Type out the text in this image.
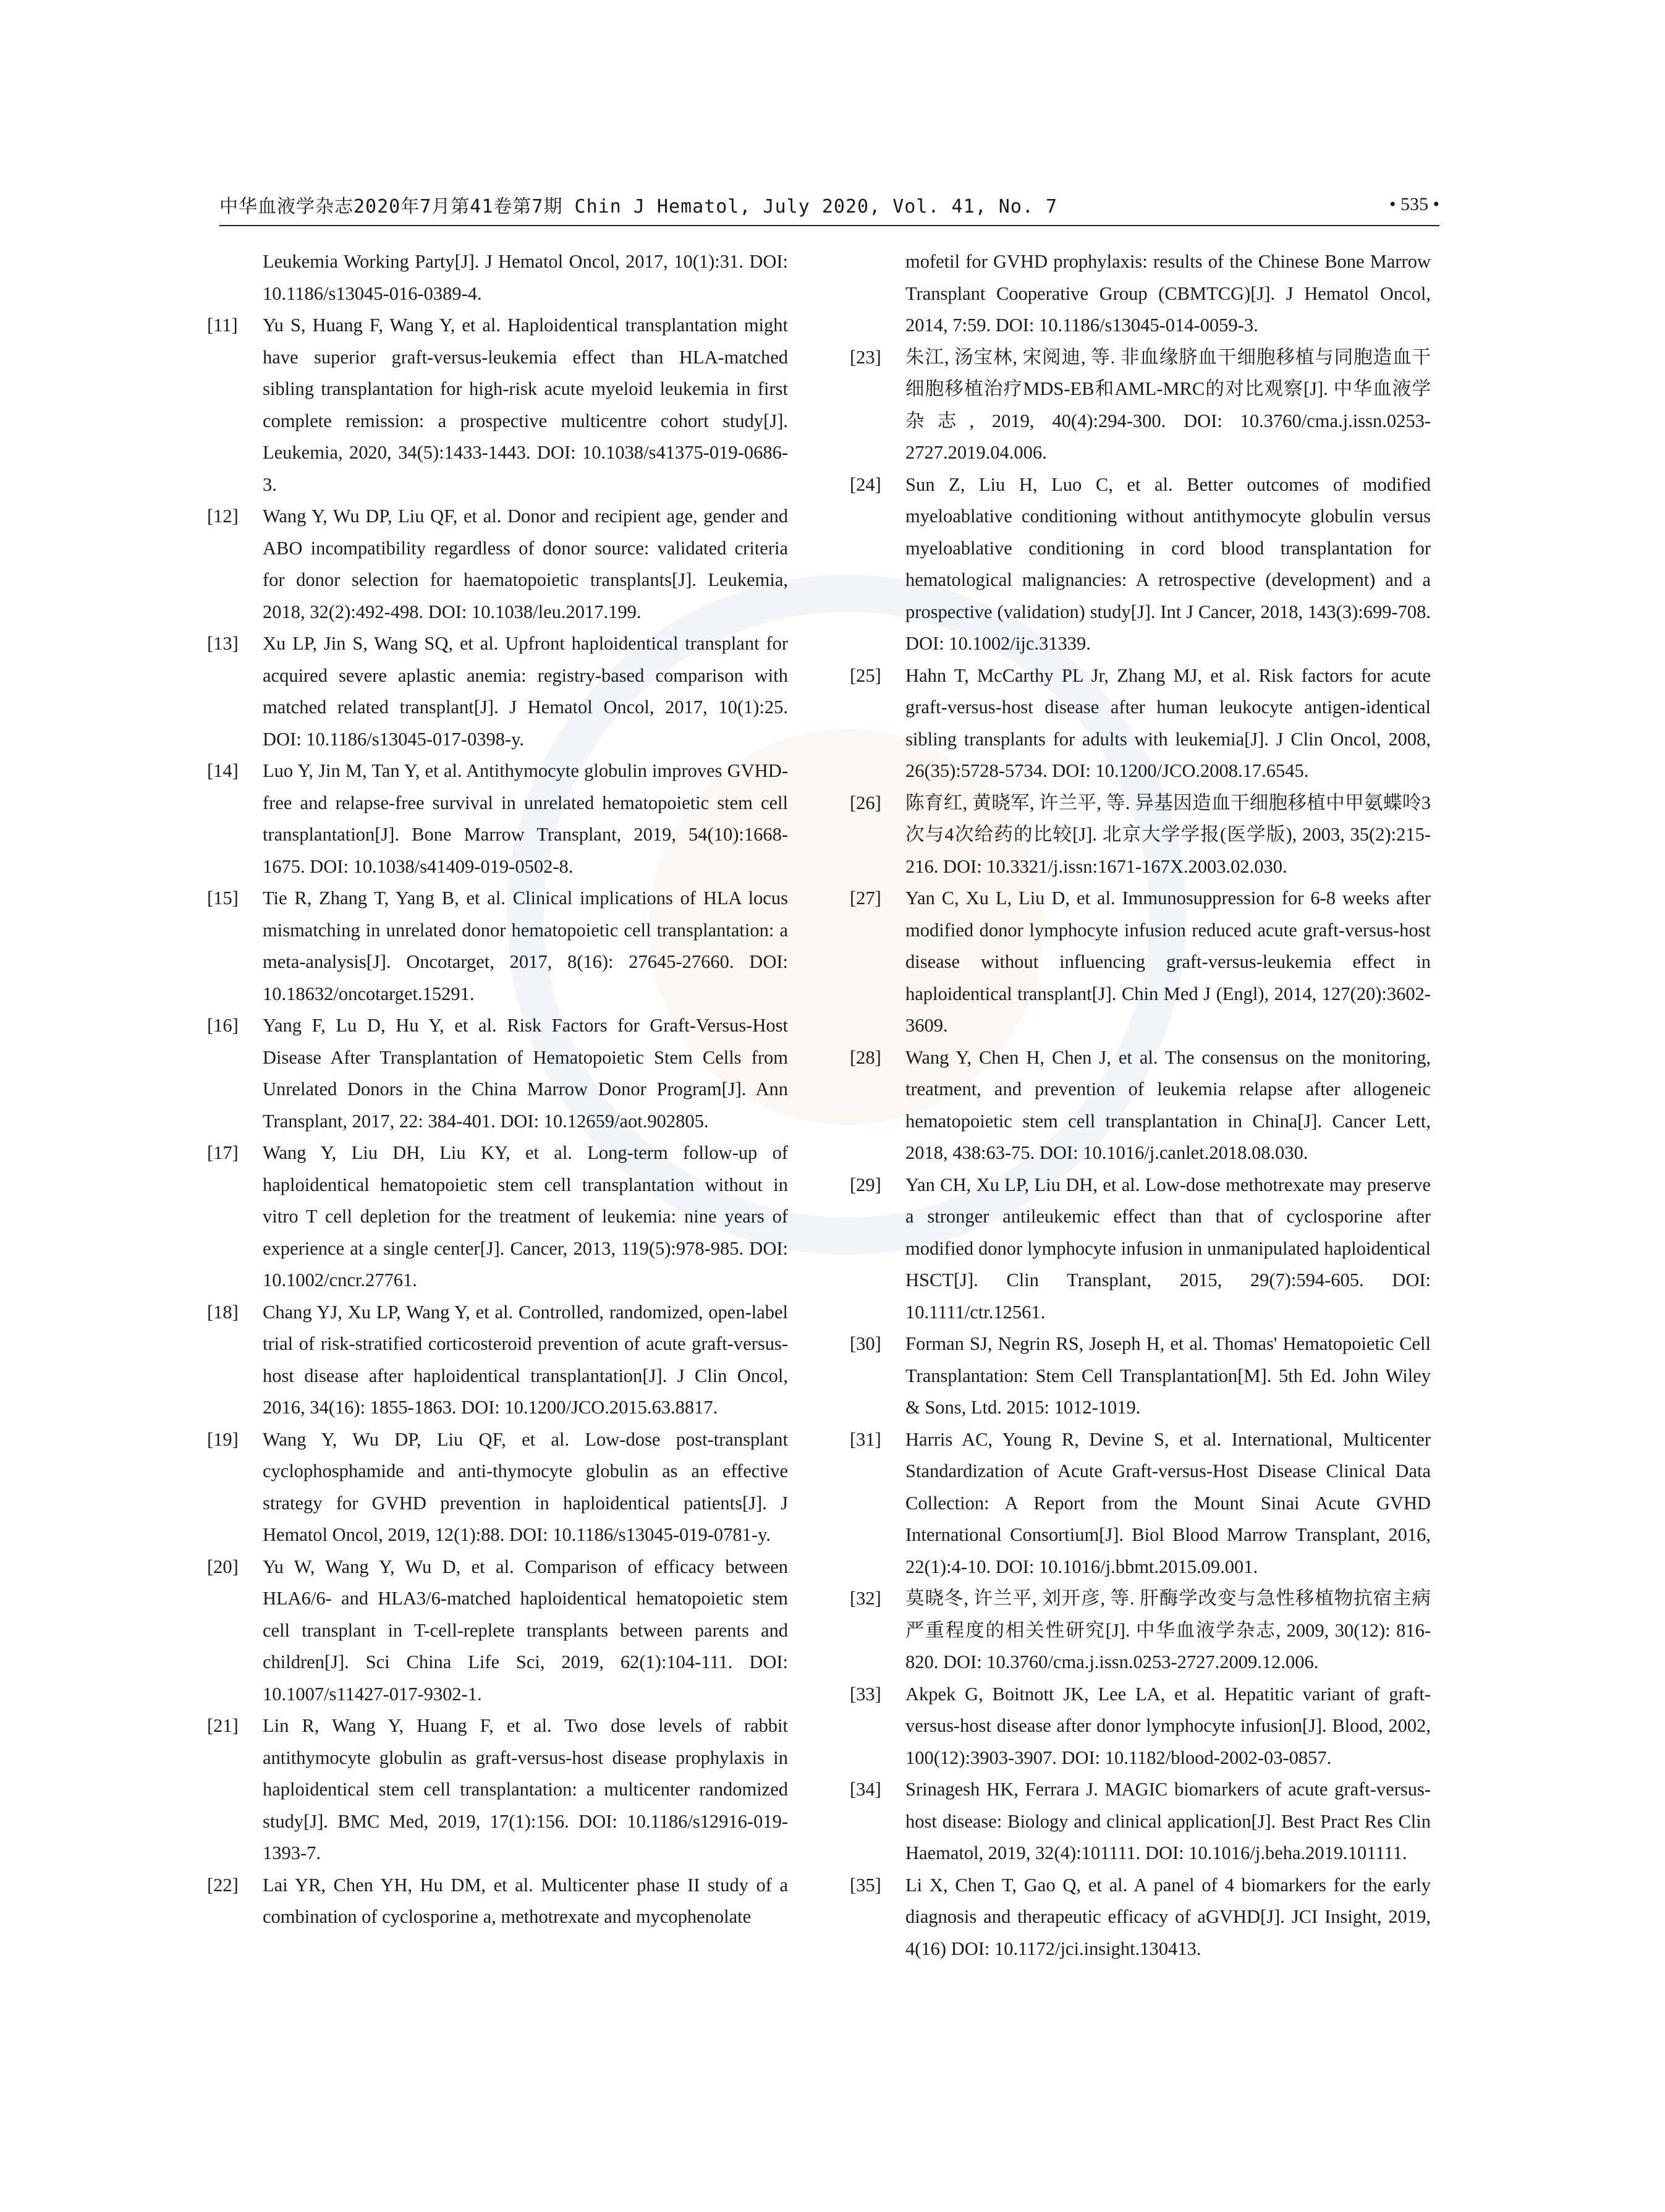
中华血液学杂志2020年7月第41卷第7期 Chin J Hematol, July 2020, Vol. 41, No. 7	• 535 •
Leukemia Working Party[J]. J Hematol Oncol, 2017, 10(1):31. DOI: 10.1186/s13045-016-0389-4.
[11]	Yu S, Huang F, Wang Y, et al. Haploidentical transplantation might have superior graft-versus-leukemia effect than HLA-matched sibling transplantation for high-risk acute myeloid leukemia in first complete remission: a prospective multicentre cohort study[J]. Leukemia, 2020, 34(5):1433-1443. DOI: 10.1038/s41375-019-0686-3.
[12]	Wang Y, Wu DP, Liu QF, et al. Donor and recipient age, gender and ABO incompatibility regardless of donor source: validated criteria for donor selection for haematopoietic transplants[J]. Leukemia, 2018, 32(2):492-498. DOI: 10.1038/leu.2017.199.
[13]	Xu LP, Jin S, Wang SQ, et al. Upfront haploidentical transplant for acquired severe aplastic anemia: registry-based comparison with matched related transplant[J]. J Hematol Oncol, 2017, 10(1):25. DOI: 10.1186/s13045-017-0398-y.
[14]	Luo Y, Jin M, Tan Y, et al. Antithymocyte globulin improves GVHD-free and relapse-free survival in unrelated hematopoietic stem cell transplantation[J]. Bone Marrow Transplant, 2019, 54(10):1668-1675. DOI: 10.1038/s41409-019-0502-8.
[15]	Tie R, Zhang T, Yang B, et al. Clinical implications of HLA locus mismatching in unrelated donor hematopoietic cell transplantation: a meta-analysis[J]. Oncotarget, 2017, 8(16): 27645-27660. DOI: 10.18632/oncotarget.15291.
[16]	Yang F, Lu D, Hu Y, et al. Risk Factors for Graft-Versus-Host Disease After Transplantation of Hematopoietic Stem Cells from Unrelated Donors in the China Marrow Donor Program[J]. Ann Transplant, 2017, 22: 384-401. DOI: 10.12659/aot.902805.
[17]	Wang Y, Liu DH, Liu KY, et al. Long-term follow-up of haploidentical hematopoietic stem cell transplantation without in vitro T cell depletion for the treatment of leukemia: nine years of experience at a single center[J]. Cancer, 2013, 119(5):978-985. DOI: 10.1002/cncr.27761.
[18]	Chang YJ, Xu LP, Wang Y, et al. Controlled, randomized, open-label trial of risk-stratified corticosteroid prevention of acute graft-versus-host disease after haploidentical transplantation[J]. J Clin Oncol, 2016, 34(16): 1855-1863. DOI: 10.1200/JCO.2015.63.8817.
[19]	Wang Y, Wu DP, Liu QF, et al. Low-dose post-transplant cyclophosphamide and anti-thymocyte globulin as an effective strategy for GVHD prevention in haploidentical patients[J]. J Hematol Oncol, 2019, 12(1):88. DOI: 10.1186/s13045-019-0781-y.
[20]	Yu W, Wang Y, Wu D, et al. Comparison of efficacy between HLA6/6- and HLA3/6-matched haploidentical hematopoietic stem cell transplant in T-cell-replete transplants between parents and children[J]. Sci China Life Sci, 2019, 62(1):104-111. DOI: 10.1007/s11427-017-9302-1.
[21]	Lin R, Wang Y, Huang F, et al. Two dose levels of rabbit antithymocyte globulin as graft-versus-host disease prophylaxis in haploidentical stem cell transplantation: a multicenter randomized study[J]. BMC Med, 2019, 17(1):156. DOI: 10.1186/s12916-019-1393-7.
[22]	Lai YR, Chen YH, Hu DM, et al. Multicenter phase II study of a combination of cyclosporine a, methotrexate and mycophenolate
mofetil for GVHD prophylaxis: results of the Chinese Bone Marrow Transplant Cooperative Group (CBMTCG)[J]. J Hematol Oncol, 2014, 7:59. DOI: 10.1186/s13045-014-0059-3.
[23]	朱江, 汤宝林, 宋阅迪, 等. 非血缘脐血干细胞移植与同胞造血干细胞移植治疗MDS-EB和AML-MRC的对比观察[J]. 中华血液学杂志, 2019, 40(4):294-300. DOI: 10.3760/cma.j.issn.0253-2727.2019.04.006.
[24]	Sun Z, Liu H, Luo C, et al. Better outcomes of modified myeloablative conditioning without antithymocyte globulin versus myeloablative conditioning in cord blood transplantation for hematological malignancies: A retrospective (development) and a prospective (validation) study[J]. Int J Cancer, 2018, 143(3):699-708. DOI: 10.1002/ijc.31339.
[25]	Hahn T, McCarthy PL Jr, Zhang MJ, et al. Risk factors for acute graft-versus-host disease after human leukocyte antigen-identical sibling transplants for adults with leukemia[J]. J Clin Oncol, 2008, 26(35):5728-5734. DOI: 10.1200/JCO.2008.17.6545.
[26]	陈育红, 黄晓军, 许兰平, 等. 异基因造血干细胞移植中甲氨蝶呤3次与4次给药的比较[J]. 北京大学学报(医学版), 2003, 35(2):215-216. DOI: 10.3321/j.issn:1671-167X.2003.02.030.
[27]	Yan C, Xu L, Liu D, et al. Immunosuppression for 6-8 weeks after modified donor lymphocyte infusion reduced acute graft-versus-host disease without influencing graft-versus-leukemia effect in haploidentical transplant[J]. Chin Med J (Engl), 2014, 127(20):3602-3609.
[28]	Wang Y, Chen H, Chen J, et al. The consensus on the monitoring, treatment, and prevention of leukemia relapse after allogeneic hematopoietic stem cell transplantation in China[J]. Cancer Lett, 2018, 438:63-75. DOI: 10.1016/j.canlet.2018.08.030.
[29]	Yan CH, Xu LP, Liu DH, et al. Low-dose methotrexate may preserve a stronger antileukemic effect than that of cyclosporine after modified donor lymphocyte infusion in unmanipulated haploidentical HSCT[J]. Clin Transplant, 2015, 29(7):594-605. DOI: 10.1111/ctr.12561.
[30]	Forman SJ, Negrin RS, Joseph H, et al. Thomas' Hematopoietic Cell Transplantation: Stem Cell Transplantation[M]. 5th Ed. John Wiley & Sons, Ltd. 2015: 1012-1019.
[31]	Harris AC, Young R, Devine S, et al. International, Multicenter Standardization of Acute Graft-versus-Host Disease Clinical Data Collection: A Report from the Mount Sinai Acute GVHD International Consortium[J]. Biol Blood Marrow Transplant, 2016, 22(1):4-10. DOI: 10.1016/j.bbmt.2015.09.001.
[32]	莫晓冬, 许兰平, 刘开彦, 等. 肝酶学改变与急性移植物抗宿主病严重程度的相关性研究[J]. 中华血液学杂志, 2009, 30(12): 816-820. DOI: 10.3760/cma.j.issn.0253-2727.2009.12.006.
[33]	Akpek G, Boitnott JK, Lee LA, et al. Hepatitic variant of graft-versus-host disease after donor lymphocyte infusion[J]. Blood, 2002, 100(12):3903-3907. DOI: 10.1182/blood-2002-03-0857.
[34]	Srinagesh HK, Ferrara J. MAGIC biomarkers of acute graft-versus-host disease: Biology and clinical application[J]. Best Pract Res Clin Haematol, 2019, 32(4):101111. DOI: 10.1016/j.beha.2019.101111.
[35]	Li X, Chen T, Gao Q, et al. A panel of 4 biomarkers for the early diagnosis and therapeutic efficacy of aGVHD[J]. JCI Insight, 2019, 4(16) DOI: 10.1172/jci.insight.130413.
